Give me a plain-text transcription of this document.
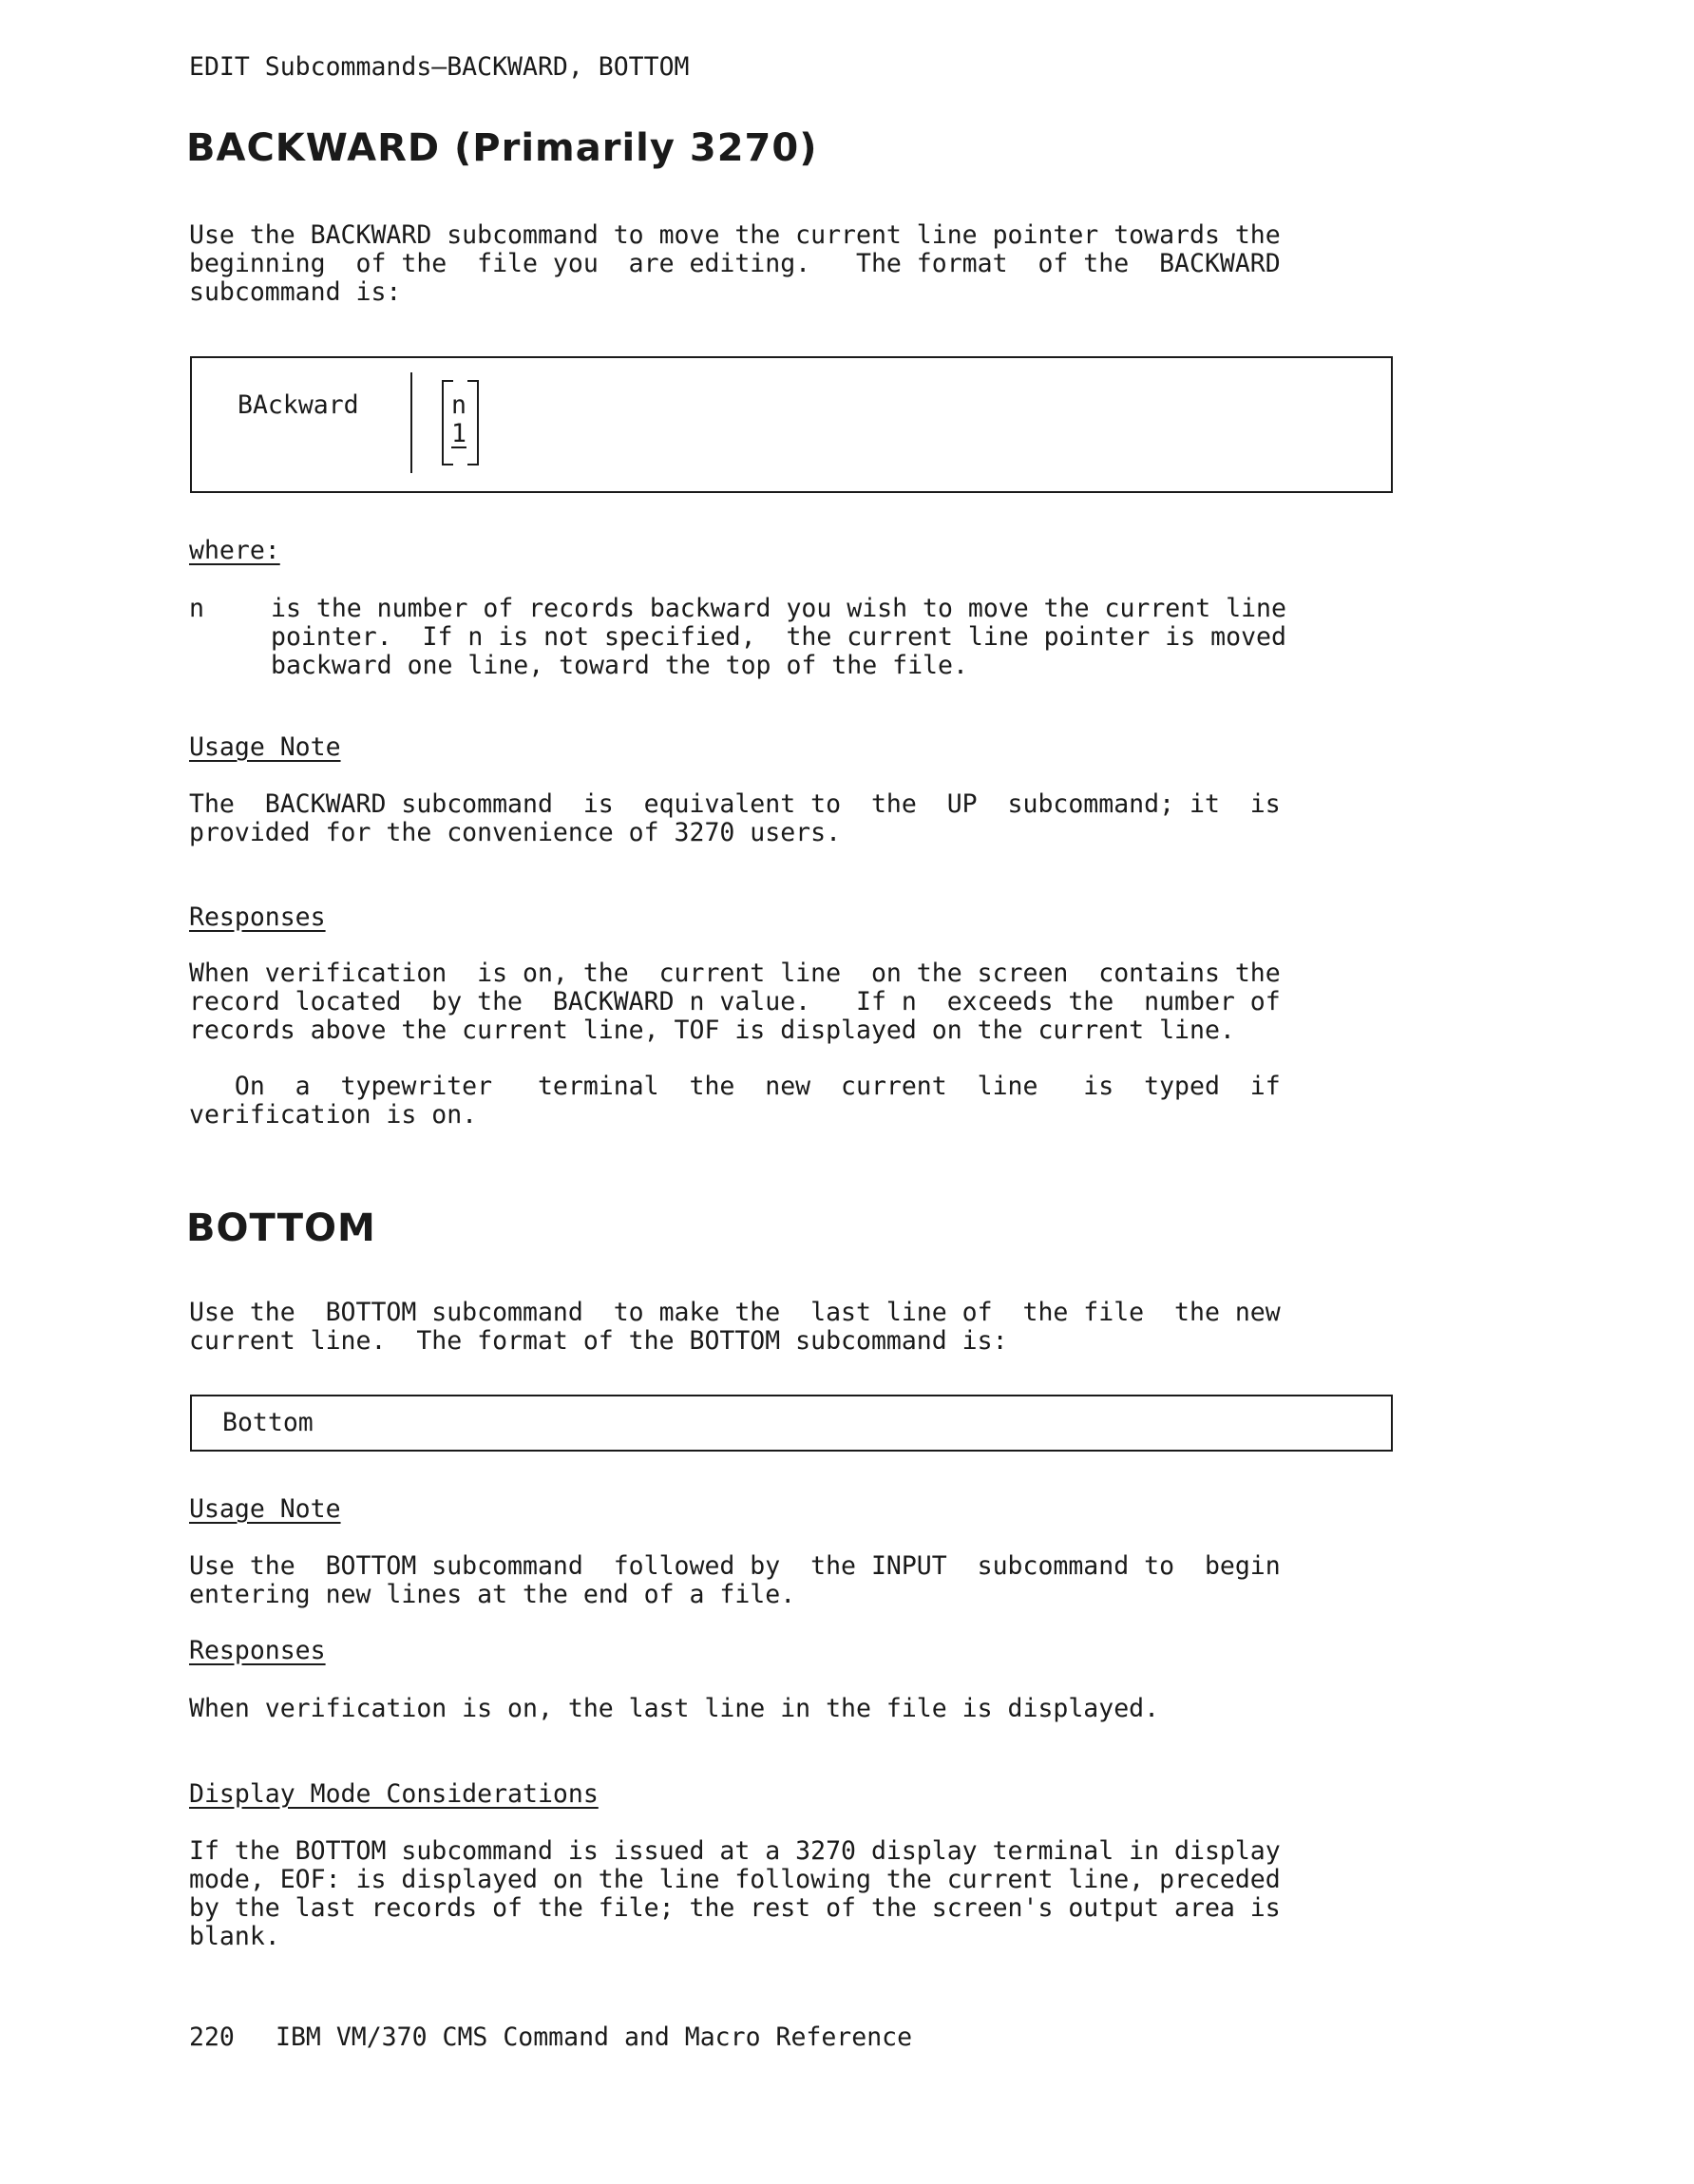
EDIT Subcommands—BACKWARD, BOTTOM
BACKWARD (Primarily 3270)
Use the BACKWARD subcommand to move the current line pointer towards the
beginning  of the  file you  are editing.   The format  of the  BACKWARD
subcommand is:
BAckward	n
1
where:
n	is the number of records backward you wish to move the current line
pointer.  If n is not specified,  the current line pointer is moved
backward one line, toward the top of the file.
Usage Note
The  BACKWARD subcommand  is  equivalent to  the  UP  subcommand; it  is
provided for the convenience of 3270 users.
Responses
When verification  is on, the  current line  on the screen  contains the
record located  by the  BACKWARD n value.   If n  exceeds the  number of
records above the current line, TOF is displayed on the current line.
On  a  typewriter   terminal  the  new  current  line   is  typed  if
verification is on.
BOTTOM
Use the  BOTTOM subcommand  to make the  last line of  the file  the new
current line.  The format of the BOTTOM subcommand is:
Bottom
Usage Note
Use the  BOTTOM subcommand  followed by  the INPUT  subcommand to  begin
entering new lines at the end of a file.
Responses
When verification is on, the last line in the file is displayed.
Display Mode Considerations
If the BOTTOM subcommand is issued at a 3270 display terminal in display
mode, EOF: is displayed on the line following the current line, preceded
by the last records of the file; the rest of the screen's output area is
blank.
220 IBM VM/370 CMS Command and Macro Reference
